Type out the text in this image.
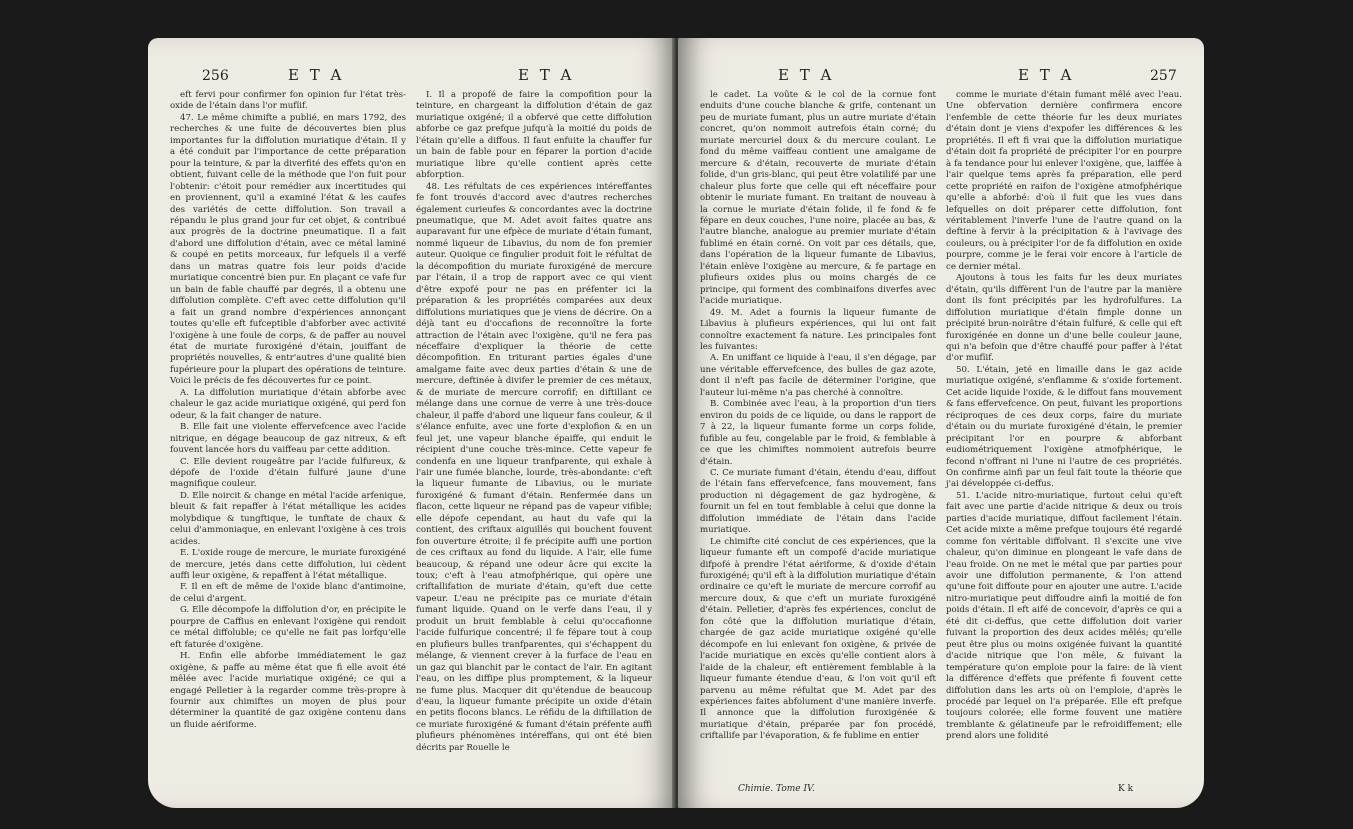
256	E T A	E T A

eft fervi pour confirmer fon opinion fur l'état très-oxide de l'étain dans l'or mufïif.

47. Le même chimifte a publié, en mars 1792, des recherches & une fuite de découvertes bien plus importantes fur la diffolution muriatique d'étain. Il y a été conduit par l'importance de cette préparation pour la teinture, & par la diverfité des effets qu'on en obtient, fuivant celle de la méthode que l'on fuit pour l'obtenir: c'étoit pour remédier aux incertitudes qui en proviennent, qu'il a examiné l'état & les caufes des variétés de cette diffolution. Son travail a répandu le plus grand jour fur cet objet, & contribué aux progrès de la doctrine pneumatique. Il a fait d'abord une diffolution d'étain, avec ce métal laminé & coupé en petits morceaux, fur lefquels il a verfé dans un matras quatre fois leur poids d'acide muriatique concentré bien pur. En plaçant ce vafe fur un bain de fable chauffé par degrés, il a obtenu une diffolution complète. C'eft avec cette diffolution qu'il a fait un grand nombre d'expériences annonçant toutes qu'elle eft fufceptible d'abforber avec activité l'oxigène à une foule de corps, & de paffer au nouvel état de muriate furoxigéné d'étain, jouiffant de propriétés nouvelles, & entr'autres d'une qualité bien fupérieure pour la plupart des opérations de teinture. Voici le précis de fes découvertes fur ce point.

A. La diffolution muriatique d'étain abforbe avec chaleur le gaz acide muriatique oxigéné, qui perd fon odeur, & la fait changer de nature.

B. Elle fait une violente effervefcence avec l'acide nitrique, en dégage beaucoup de gaz nitreux, & eft fouvent lancée hors du vaiffeau par cette addition.

C. Elle devient rougeâtre par l'acide fulfureux, & dépofe de l'oxide d'étain fulfuré jaune d'une magnifique couleur.

D. Elle noircit & change en métal l'acide arfenique, bleuit & fait repaffer à l'état métallique les acides molybdique & tungftique, le tunftate de chaux & celui d'ammoniaque, en enlevant l'oxigène à ces trois acides.

E. L'oxide rouge de mercure, le muriate furoxigéné de mercure, jetés dans cette diffolution, lui cèdent auffi leur oxigène, & repaffent à l'état métallique.

F. Il en eft de même de l'oxide blanc d'antimoine, de celui d'argent.

G. Elle décompofe la diffolution d'or, en précipite le pourpre de Caffius en enlevant l'oxigène qui rendoit ce métal diffoluble; ce qu'elle ne fait pas lorfqu'elle eft faturée d'oxigène.

H. Enfin elle abforbe immédiatement le gaz oxigène, & paffe au même état que fi elle avoit été mêlée avec l'acide muriatique oxigéné; ce qui a engagé Pelletier à la regarder comme très-propre à fournir aux chimiftes un moyen de plus pour déterminer la quantité de gaz oxigène contenu dans un fluide aériforme.

I. Il a propofé de faire la compofition pour la teinture, en chargeant la diffolution d'étain de gaz muriatique oxigéné; il a obfervé que cette diffolution abforbe ce gaz prefque jufqu'à la moitié du poids de l'étain qu'elle a diffous. Il faut enfuite la chauffer fur un bain de fable pour en féparer la portion d'acide muriatique libre qu'elle contient après cette abforption.

48. Les réfultats de ces expériences intéreffantes fe font trouvés d'accord avec d'autres recherches également curieufes & concordantes avec la doctrine pneumatique, que M. Adet avoit faites quatre ans auparavant fur une efpèce de muriate d'étain fumant, nommé liqueur de Libavius, du nom de fon premier auteur. Quoique ce fingulier produit foit le réfultat de la décompofition du muriate furoxigéné de mercure par l'étain, il a trop de rapport avec ce qui vient d'être expofé pour ne pas en préfenter ici la préparation & les propriétés comparées aux deux diffolutions muriatiques que je viens de décrire. On a déjà tant eu d'occafions de reconnoître la forte attraction de l'étain avec l'oxigène, qu'il ne fera pas néceffaire d'expliquer la théorie de cette décompofition. En triturant parties égales d'une amalgame faite avec deux parties d'étain & une de mercure, deftinée à divifer le premier de ces métaux, & de muriate de mercure corrofif; en diftillant ce mélange dans une cornue de verre à une très-douce chaleur, il paffe d'abord une liqueur fans couleur, & il s'élance enfuite, avec une forte d'explofion & en un feul jet, une vapeur blanche épaiffe, qui enduit le récipient d'une couche très-mince. Cette vapeur fe condenfa en une liqueur tranfparente, qui exhale à l'air une fumée blanche, lourde, très-abondante: c'eft la liqueur fumante de Libavius, ou le muriate furoxigéné & fumant d'étain. Renfermée dans un flacon, cette liqueur ne répand pas de vapeur vifible; elle dépofe cependant, au haut du vafe qui la contient, des criftaux aiguillés qui bouchent fouvent fon ouverture étroite; il fe précipite auffi une portion de ces criftaux au fond du liquide. A l'air, elle fume beaucoup, & répand une odeur âcre qui excite la toux; c'eft à l'eau atmofphérique, qui opère une criftallifation de muriate d'étain, qu'eft due cette vapeur. L'eau ne précipite pas ce muriate d'étain fumant liquide. Quand on le verfe dans l'eau, il y produit un bruit femblable à celui qu'occafionne l'acide fulfurique concentré; il fe fépare tout à coup en plufieurs bulles tranfparentes, qui s'échappent du mélange, & viennent crever à la furface de l'eau en un gaz qui blanchit par le contact de l'air. En agitant l'eau, on les diffipe plus promptement, & la liqueur ne fume plus. Macquer dit qu'étendue de beaucoup d'eau, la liqueur fumante précipite un oxide d'étain en petits flocons blancs. Le réfidu de la diftillation de ce muriate furoxigéné & fumant d'étain préfente auffi plufieurs phénomènes intéreffans, qui ont été bien décrits par Rouelle le

E T A	E T A	257

le cadet. La voûte & le col de la cornue font enduits d'une couche blanche & grife, contenant un peu de muriate fumant, plus un autre muriate d'étain concret, qu'on nommoit autrefois étain corné; du muriate mercuriel doux & du mercure coulant. Le fond du même vaiffeau contient une amalgame de mercure & d'étain, recouverte de muriate d'étain folide, d'un gris-blanc, qui peut être volatilifé par une chaleur plus forte que celle qui eft néceffaire pour obtenir le muriate fumant. En traitant de nouveau à la cornue le muriate d'étain folide, il fe fond & fe fépare en deux couches, l'une noire, placée au bas, & l'autre blanche, analogue au premier muriate d'étain fublimé en étain corné. On voit par ces détails, que, dans l'opération de la liqueur fumante de Libavius, l'étain enlève l'oxigène au mercure, & fe partage en plufieurs oxides plus ou moins chargés de ce principe, qui forment des combinaifons diverfes avec l'acide muriatique.

49. M. Adet a fournis la liqueur fumante de Libavius à plufieurs expériences, qui lui ont fait connoître exactement fa nature. Les principales font les fuivantes:

A. En uniffant ce liquide à l'eau, il s'en dégage, par une véritable effervefcence, des bulles de gaz azote, dont il n'eft pas facile de déterminer l'origine, que l'auteur lui-même n'a pas cherché à connoître.

B. Combinée avec l'eau, à la proportion d'un tiers environ du poids de ce liquide, ou dans le rapport de 7 à 22, la liqueur fumante forme un corps folide, fufible au feu, congelable par le froid, & femblable à ce que les chimiftes nommoient autrefois beurre d'étain.

C. Ce muriate fumant d'étain, étendu d'eau, diffout de l'étain fans effervefcence, fans mouvement, fans production ni dégagement de gaz hydrogène, & fournit un fel en tout femblable à celui que donne la diffolution immédiate de l'étain dans l'acide muriatique.

Le chimifte cité conclut de ces expériences, que la liqueur fumante eft un compofé d'acide muriatique difpofé à prendre l'état aériforme, & d'oxide d'étain furoxigéné; qu'il eft à la diffolution muriatique d'étain ordinaire ce qu'eft le muriate de mercure corrofif au mercure doux, & que c'eft un muriate furoxigéné d'étain. Pelletier, d'après fes expériences, conclut de fon côté que la diffolution muriatique d'étain, chargée de gaz acide muriatique oxigéné qu'elle décompofe en lui enlevant fon oxigène, & privée de l'acide muriatique en excès qu'elle contient alors à l'aide de la chaleur, eft entièrement femblable à la liqueur fumante étendue d'eau, & l'on voit qu'il eft parvenu au même réfultat que M. Adet par des expériences faites abfolument d'une manière inverfe. Il annonce que la diffolution furoxigénée & muriatique d'étain, préparée par fon procédé, criftallife par l'évaporation, & fe fublime en entier

comme le muriate d'étain fumant mêlé avec l'eau. Une obfervation dernière confirmera encore l'enfemble de cette théorie fur les deux muriates d'étain dont je viens d'expofer les différences & les propriétés. Il eft fi vrai que la diffolution muriatique d'étain doit fa propriété de précipiter l'or en pourpre à fa tendance pour lui enlever l'oxigène, que, laiffée à l'air quelque tems après fa préparation, elle perd cette propriété en raifon de l'oxigène atmofphérique qu'elle a abforbé: d'où il fuit que les vues dans lefquelles on doit préparer cette diffolution, font véritablement l'inverfe l'une de l'autre quand on la deftine à fervir à la précipitation & à l'avivage des couleurs, ou à précipiter l'or de fa diffolution en oxide pourpre, comme je le ferai voir encore à l'article de ce dernier métal.

Ajoutons à tous les faits fur les deux muriates d'étain, qu'ils diffèrent l'un de l'autre par la manière dont ils font précipités par les hydrofulfures. La diffolution muriatique d'étain fimple donne un précipité brun-noirâtre d'étain fulfuré, & celle qui eft furoxigénée en donne un d'une belle couleur jaune, qui n'a befoin que d'être chauffé pour paffer à l'état d'or mufïif.

50. L'étain, jeté en limaille dans le gaz acide muriatique oxigéné, s'enflamme & s'oxide fortement. Cet acide liquide l'oxide, & le diffout fans mouvement & fans effervefcence. On peut, fuivant les proportions réciproques de ces deux corps, faire du muriate d'étain ou du muriate furoxigéné d'étain, le premier précipitant l'or en pourpre & abforbant eudiométriquement l'oxigène atmofphérique, le fecond n'offrant ni l'une ni l'autre de ces propriétés. On confirme ainfi par un feul fait toute la théorie que j'ai développée ci-deffus.

51. L'acide nitro-muriatique, furtout celui qu'eft fait avec une partie d'acide nitrique & deux ou trois parties d'acide muriatique, diffout facilement l'étain. Cet acide mixte a même prefque toujours été regardé comme fon véritable diffolvant. Il s'excite une vive chaleur, qu'on diminue en plongeant le vafe dans de l'eau froide. On ne met le métal que par parties pour avoir une diffolution permanente, & l'on attend qu'une foit diffoute pour en ajouter une autre. L'acide nitro-muriatique peut diffoudre ainfi la moitié de fon poids d'étain. Il eft aifé de concevoir, d'après ce qui a été dit ci-deffus, que cette diffolution doit varier fuivant la proportion des deux acides mêlés; qu'elle peut être plus ou moins oxigénée fuivant la quantité d'acide nitrique que l'on mêle, & fuivant la température qu'on emploie pour la faire: de là vient la différence d'effets que préfente fi fouvent cette diffolution dans les arts où on l'emploie, d'après le procédé par lequel on l'a préparée. Elle eft prefque toujours colorée; elle forme fouvent une matière tremblante & gélatineufe par le refroidiffement; elle prend alors une folidité

Chimie. Tome IV.	K k
